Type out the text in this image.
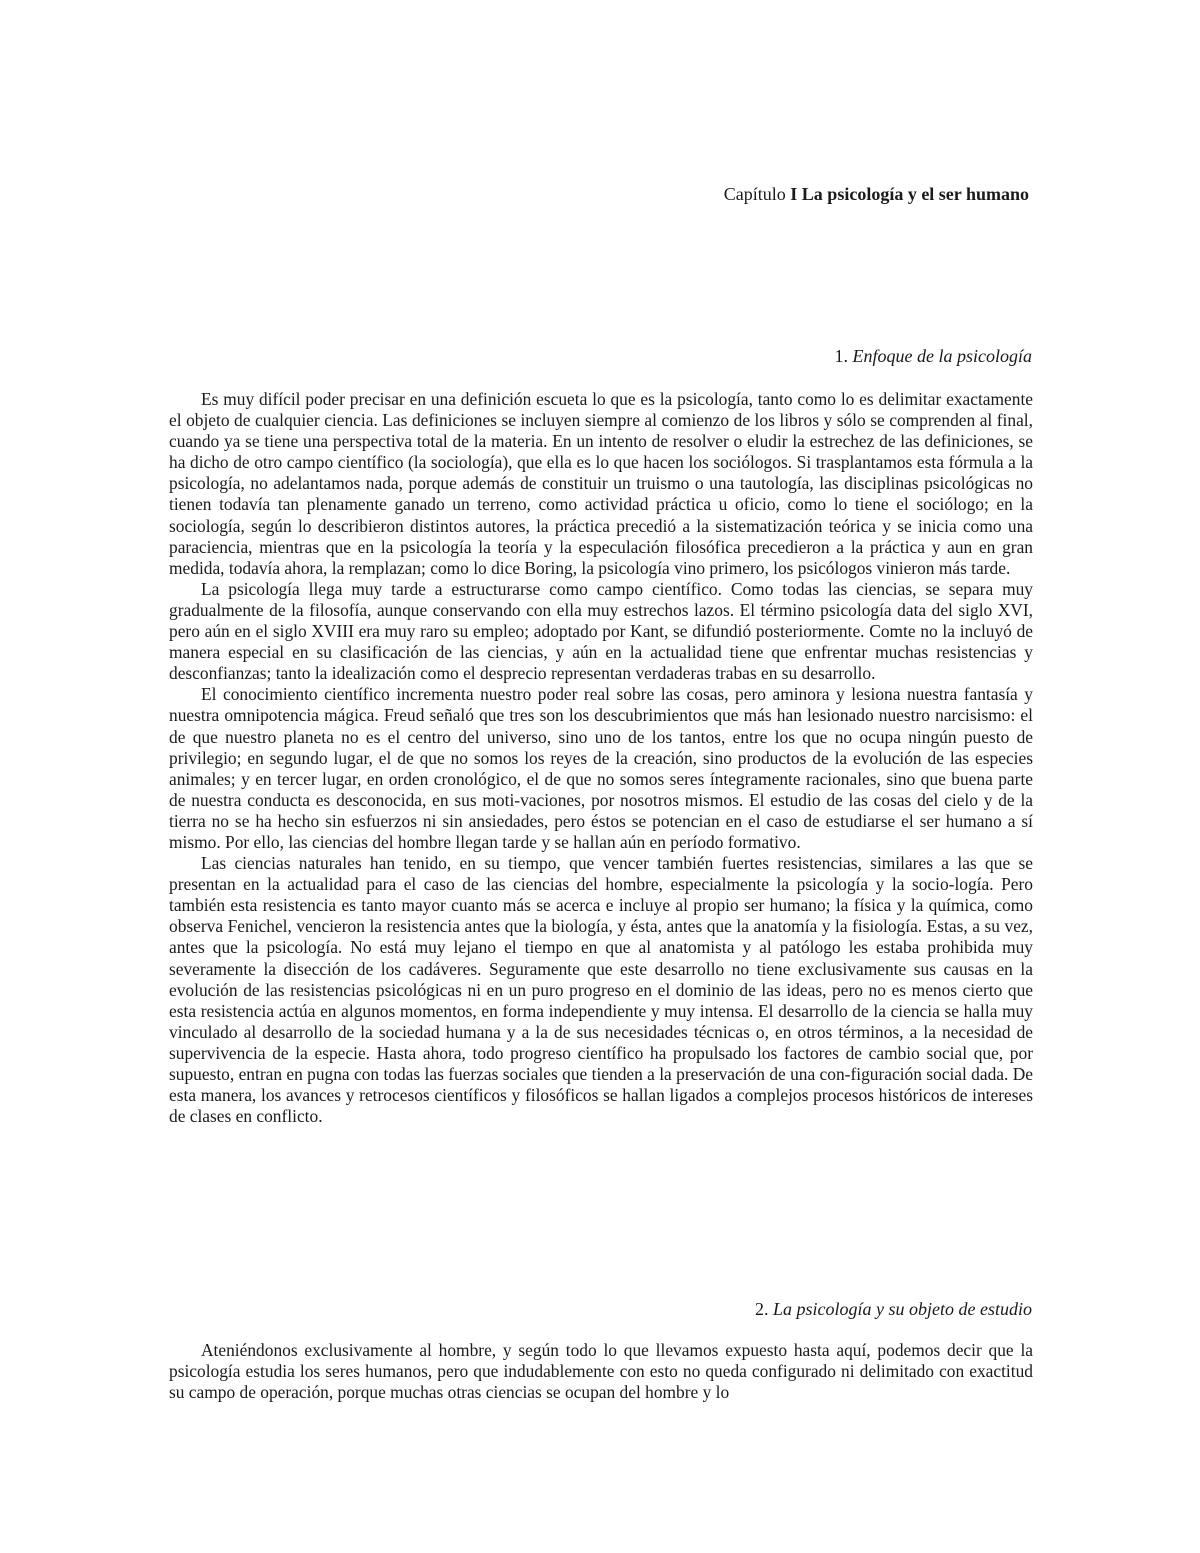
Capítulo I La psicología y el ser humano
1. Enfoque de la psicología

Es muy difícil poder precisar en una definición escueta lo que es la psicología, tanto como lo es delimitar exactamente el objeto de cualquier ciencia. Las definiciones se incluyen siempre al comienzo de los libros y sólo se comprenden al final, cuando ya se tiene una perspectiva total de la materia. En un intento de resolver o eludir la estrechez de las definiciones, se ha dicho de otro campo científico (la sociología), que ella es lo que hacen los sociólogos. Si trasplantamos esta fórmula a la psicología, no adelantamos nada, porque además de constituir un truismo o una tautología, las disciplinas psicológicas no tienen todavía tan plenamente ganado un terreno, como actividad práctica u oficio, como lo tiene el sociólogo; en la sociología, según lo describieron distintos autores, la práctica precedió a la sistematización teórica y se inicia como una paraciencia, mientras que en la psicología la teoría y la especulación filosófica precedieron a la práctica y aun en gran medida, todavía ahora, la remplazan; como lo dice Boring, la psicología vino primero, los psicólogos vinieron más tarde.

La psicología llega muy tarde a estructurarse como campo científico. Como todas las ciencias, se separa muy gradualmente de la filosofía, aunque conservando con ella muy estrechos lazos. El término psicología data del siglo XVI, pero aún en el siglo XVIII era muy raro su empleo; adoptado por Kant, se difundió posteriormente. Comte no la incluyó de manera especial en su clasificación de las ciencias, y aún en la actualidad tiene que enfrentar muchas resistencias y desconfianzas; tanto la idealización como el desprecio representan verdaderas trabas en su desarrollo.

El conocimiento científico incrementa nuestro poder real sobre las cosas, pero aminora y lesiona nuestra fantasía y nuestra omnipotencia mágica. Freud señaló que tres son los descubrimientos que más han lesionado nuestro narcisismo: el de que nuestro planeta no es el centro del universo, sino uno de los tantos, entre los que no ocupa ningún puesto de privilegio; en segundo lugar, el de que no somos los reyes de la creación, sino productos de la evolución de las especies animales; y en tercer lugar, en orden cronológico, el de que no somos seres íntegramente racionales, sino que buena parte de nuestra conducta es desconocida, en sus moti-vaciones, por nosotros mismos. El estudio de las cosas del cielo y de la tierra no se ha hecho sin esfuerzos ni sin ansiedades, pero éstos se potencian en el caso de estudiarse el ser humano a sí mismo. Por ello, las ciencias del hombre llegan tarde y se hallan aún en período formativo.

Las ciencias naturales han tenido, en su tiempo, que vencer también fuertes resistencias, similares a las que se presentan en la actualidad para el caso de las ciencias del hombre, especialmente la psicología y la socio-logía. Pero también esta resistencia es tanto mayor cuanto más se acerca e incluye al propio ser humano; la física y la química, como observa Fenichel, vencieron la resistencia antes que la biología, y ésta, antes que la anatomía y la fisiología. Estas, a su vez, antes que la psicología. No está muy lejano el tiempo en que al anatomista y al patólogo les estaba prohibida muy severamente la disección de los cadáveres. Seguramente que este desarrollo no tiene exclusivamente sus causas en la evolución de las resistencias psicológicas ni en un puro progreso en el dominio de las ideas, pero no es menos cierto que esta resistencia actúa en algunos momentos, en forma independiente y muy intensa. El desarrollo de la ciencia se halla muy vinculado al desarrollo de la sociedad humana y a la de sus necesidades técnicas o, en otros términos, a la necesidad de supervivencia de la especie. Hasta ahora, todo progreso científico ha propulsado los factores de cambio social que, por supuesto, entran en pugna con todas las fuerzas sociales que tienden a la preservación de una con-figuración social dada. De esta manera, los avances y retrocesos científicos y filosóficos se hallan ligados a complejos procesos históricos de intereses de clases en conflicto.

2. La psicología y su objeto de estudio

Ateniéndonos exclusivamente al hombre, y según todo lo que llevamos expuesto hasta aquí, podemos decir que la psicología estudia los seres humanos, pero que indudablemente con esto no queda configurado ni delimitado con exactitud su campo de operación, porque muchas otras ciencias se ocupan del hombre y lo
